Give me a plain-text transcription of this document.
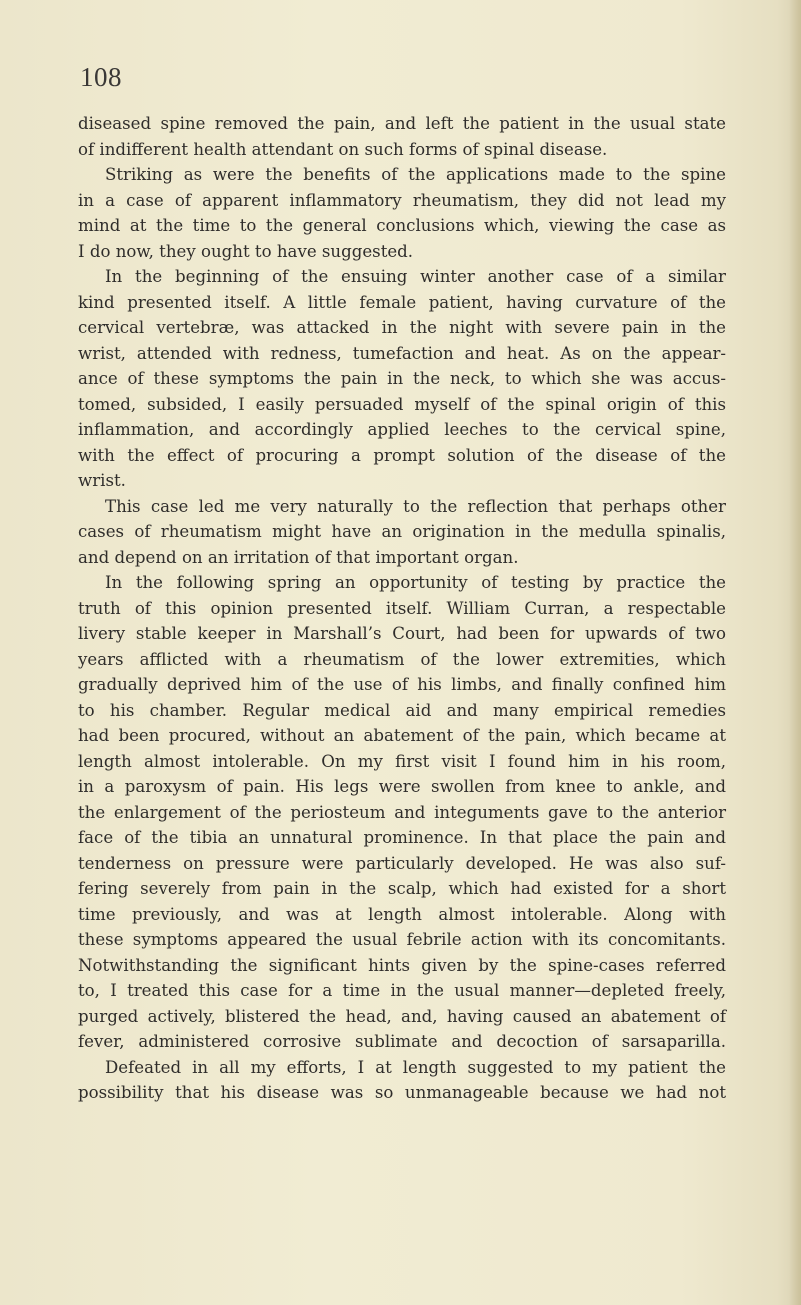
108
diseased spine removed the pain, and left the patient in the usual state
of indifferent health attendant on such forms of spinal disease.
Striking as were the benefits of the applications made to the spine
in a case of apparent inflammatory rheumatism, they did not lead my
mind at the time to the general conclusions which, viewing the case as
I do now, they ought to have suggested.
In the beginning of the ensuing winter another case of a similar
kind presented itself. A little female patient, having curvature of the
cervical vertebræ, was attacked in the night with severe pain in the
wrist, attended with redness, tumefaction and heat. As on the appear-
ance of these symptoms the pain in the neck, to which she was accus-
tomed, subsided, I easily persuaded myself of the spinal origin of this
inflammation, and accordingly applied leeches to the cervical spine,
with the effect of procuring a prompt solution of the disease of the
wrist.
This case led me very naturally to the reflection that perhaps other
cases of rheumatism might have an origination in the medulla spinalis,
and depend on an irritation of that important organ.
In the following spring an opportunity of testing by practice the
truth of this opinion presented itself. William Curran, a respectable
livery stable keeper in Marshall’s Court, had been for upwards of two
years afflicted with a rheumatism of the lower extremities, which
gradually deprived him of the use of his limbs, and finally confined him
to his chamber. Regular medical aid and many empirical remedies
had been procured, without an abatement of the pain, which became at
length almost intolerable. On my first visit I found him in his room,
in a paroxysm of pain. His legs were swollen from knee to ankle, and
the enlargement of the periosteum and integuments gave to the anterior
face of the tibia an unnatural prominence. In that place the pain and
tenderness on pressure were particularly developed. He was also suf-
fering severely from pain in the scalp, which had existed for a short
time previously, and was at length almost intolerable. Along with
these symptoms appeared the usual febrile action with its concomitants.
Notwithstanding the significant hints given by the spine-cases referred
to, I treated this case for a time in the usual manner—depleted freely,
purged actively, blistered the head, and, having caused an abatement of
fever, administered corrosive sublimate and decoction of sarsaparilla.
Defeated in all my efforts, I at length suggested to my patient the
possibility that his disease was so unmanageable because we had not
